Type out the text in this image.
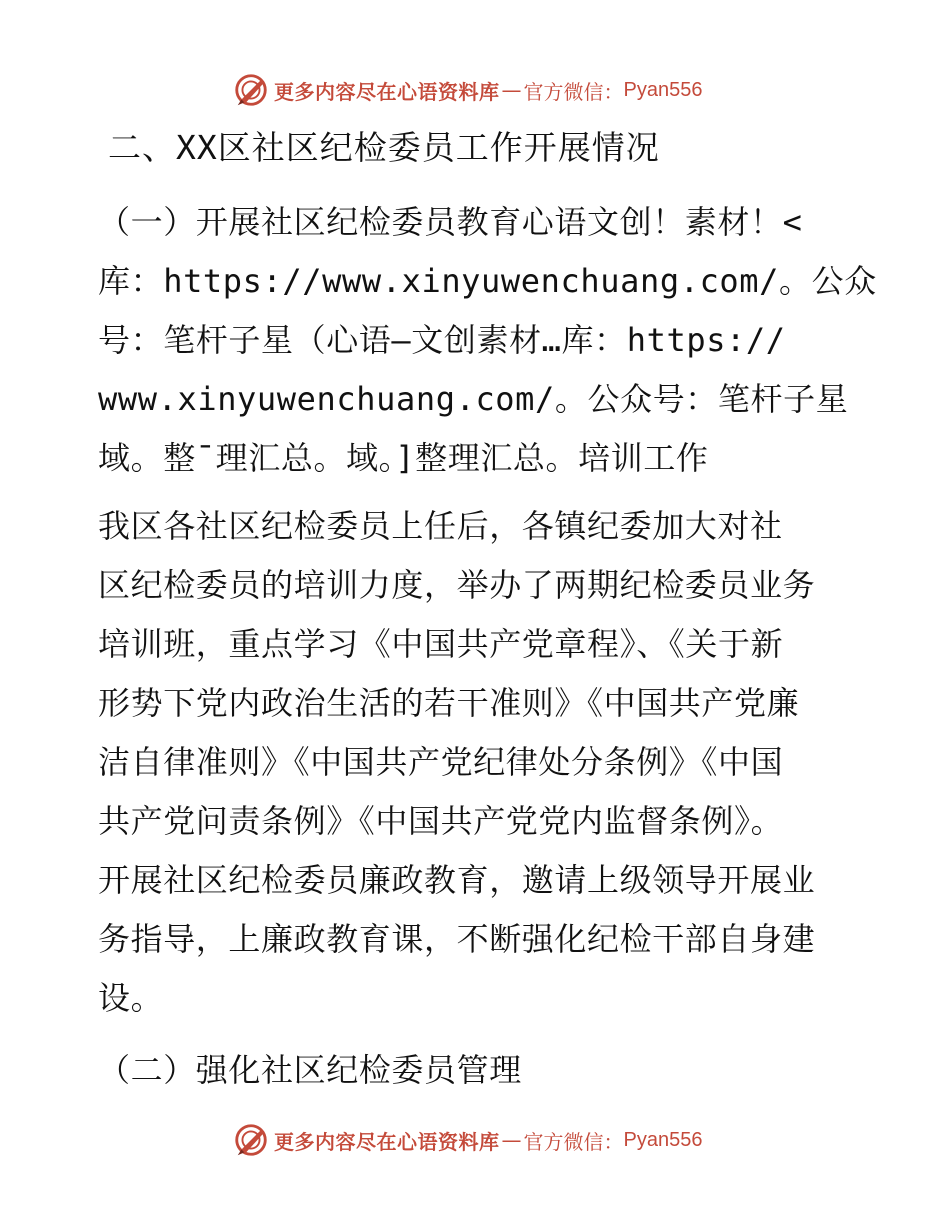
更多内容尽在心语资料库 — 官方微信： Pyan556
二、XX区社区纪检委员工作开展情况
（一）开展社区纪检委员教育心语文创！素材！<
库：https://www.xinyuwenchuang.com/。公众
号：笔杆子星（心语—文创素材…库：https://
www.xinyuwenchuang.com/。公众号：笔杆子星
域。整¯理汇总。域。]整理汇总。培训工作
我区各社区纪检委员上任后，各镇纪委加大对社
区纪检委员的培训力度，举办了两期纪检委员业务
培训班，重点学习《中国共产党章程》、《关于新
形势下党内政治生活的若干准则》《中国共产党廉
洁自律准则》《中国共产党纪律处分条例》《中国
共产党问责条例》《中国共产党党内监督条例》。
开展社区纪检委员廉政教育，邀请上级领导开展业
务指导，上廉政教育课，不断强化纪检干部自身建
设。
（二）强化社区纪检委员管理
更多内容尽在心语资料库 — 官方微信： Pyan556
